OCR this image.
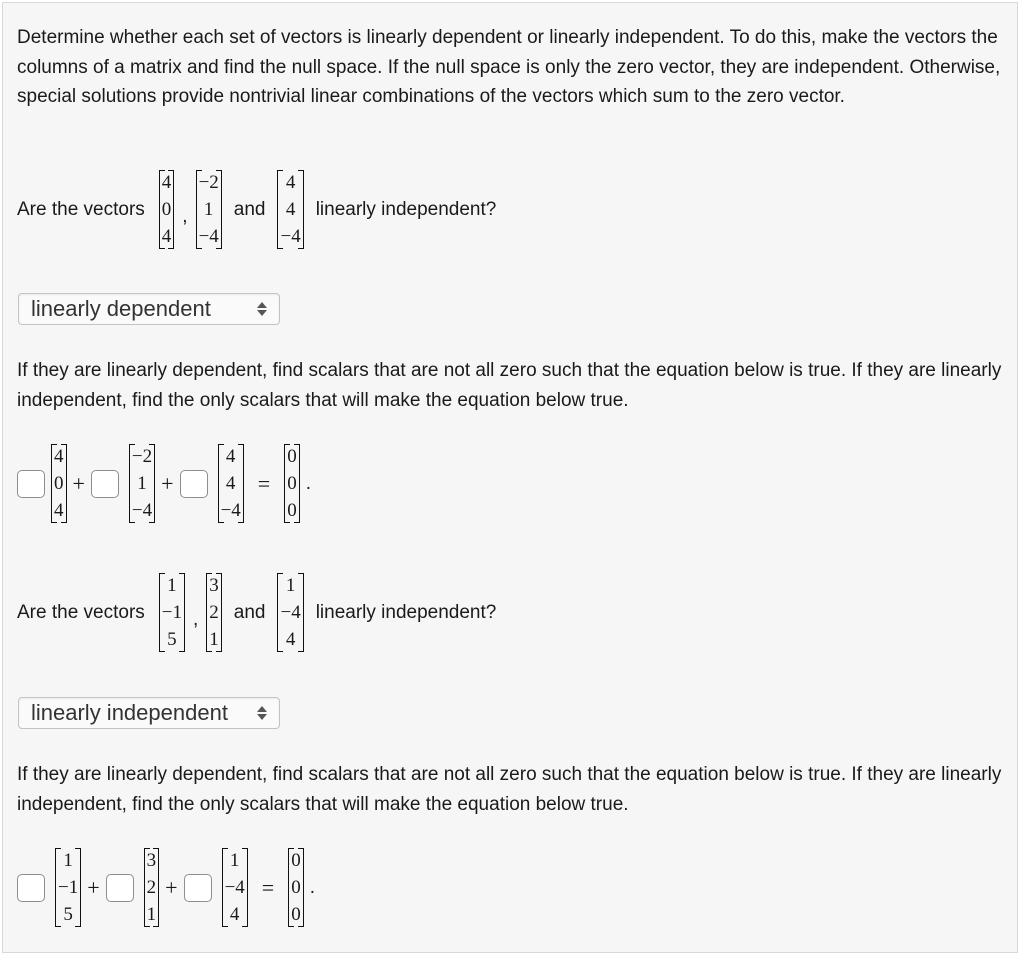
Determine whether each set of vectors is linearly dependent or linearly independent. To do this, make the vectors the columns of a matrix and find the null space. If the null space is only the zero vector, they are independent. Otherwise, special solutions provide nontrivial linear combinations of the vectors which sum to the zero vector.

Are the vectors
4
0
4
,
−2
1
−4
and
4
4
−4
linearly independent?
linearly dependent

If they are linearly dependent, find scalars that are not all zero such that the equation below is true. If they are linearly independent, find the only scalars that will make the equation below true.

4
0
4
+
−2
1
−4
+
4
4
−4
=
0
0
0
.
Are the vectors
1
−1
5
,
3
2
1
and
1
−4
4
linearly independent?
linearly independent

If they are linearly dependent, find scalars that are not all zero such that the equation below is true. If they are linearly independent, find the only scalars that will make the equation below true.

1
−1
5
+
3
2
1
+
1
−4
4
=
0
0
0
.
